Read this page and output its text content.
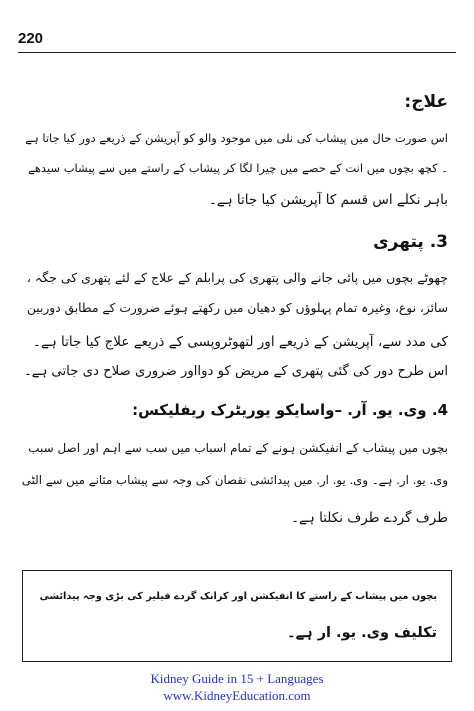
220
علاج:
اس صورت حال میں پیشاب کی نلی میں موجود والو کو آپریشن کے ذریعے دور کیا جاتا ہے
۔ کچھ بچوں میں انت کے حصے میں چیرا لگا کر پیشاب کے راستے میں سے پیشاب سیدھے
باہر نکلے اس قسم کا آپریشن کیا جاتا ہے۔
3. پتھری
چھوٹے بچوں میں پائی جانے والی پتھری کی پرابلم کے علاج کے لئے پتھری کی جگہ ،
سائز، نوع، وغیرہ تمام پہلوؤں کو دھیان میں رکھتے ہوئے ضرورت کے مطابق دوربین
کی مدد سے، آپریشن کے ذریعے اور لتھوٹروپسی کے ذریعے علاج کیا جاتا ہے۔
اس طرح دور کی گئی پتھری کے مریض کو دوااور ضروری صلاح دی جاتی ہے۔
4. وی. یو. آر. –واسایکو یوریٹرک ریفلیکس:
بچوں میں پیشاب کے انفیکشن ہونے کے تمام اسباب میں سب سے اہم اور اصل سبب
وی. یو. ار. ہے۔ وی. یو. ار. میں پیدائشی نقصان کی وجہ سے پیشاب مثانے میں سے الٹی
طرف گردے طرف نکلتا ہے۔
بچوں میں پیشاب کے راستے کا انفیکشن اور کرانک گردے فیلیر کی بڑی وجہ پیدائشی
تکلیف وی. یو. ار ہے۔
Kidney Guide in 15 + Languages
www.KidneyEducation.com
